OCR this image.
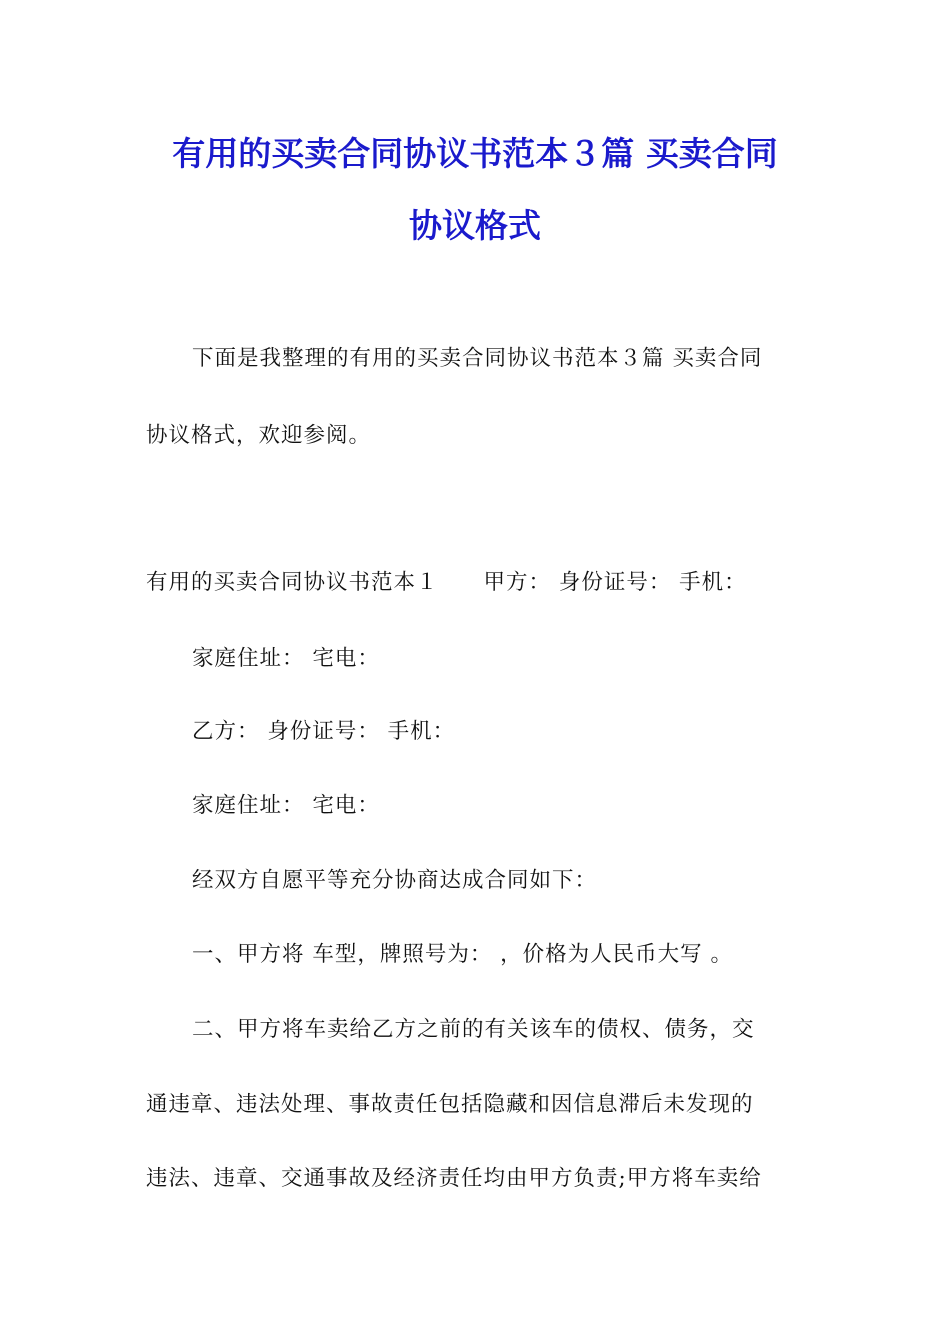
有用的买卖合同协议书范本３篇 买卖合同
协议格式
下面是我整理的有用的买卖合同协议书范本３篇 买卖合同
协议格式，欢迎参阅。
有用的买卖合同协议书范本１　　甲方： 身份证号： 手机：
家庭住址： 宅电：
乙方： 身份证号： 手机：
家庭住址： 宅电：
经双方自愿平等充分协商达成合同如下：
一、甲方将 车型，牌照号为： ，价格为人民币大写 。
二、甲方将车卖给乙方之前的有关该车的债权、债务，交
通违章、违法处理、事故责任包括隐藏和因信息滞后未发现的
违法、违章、交通事故及经济责任均由甲方负责;甲方将车卖给
